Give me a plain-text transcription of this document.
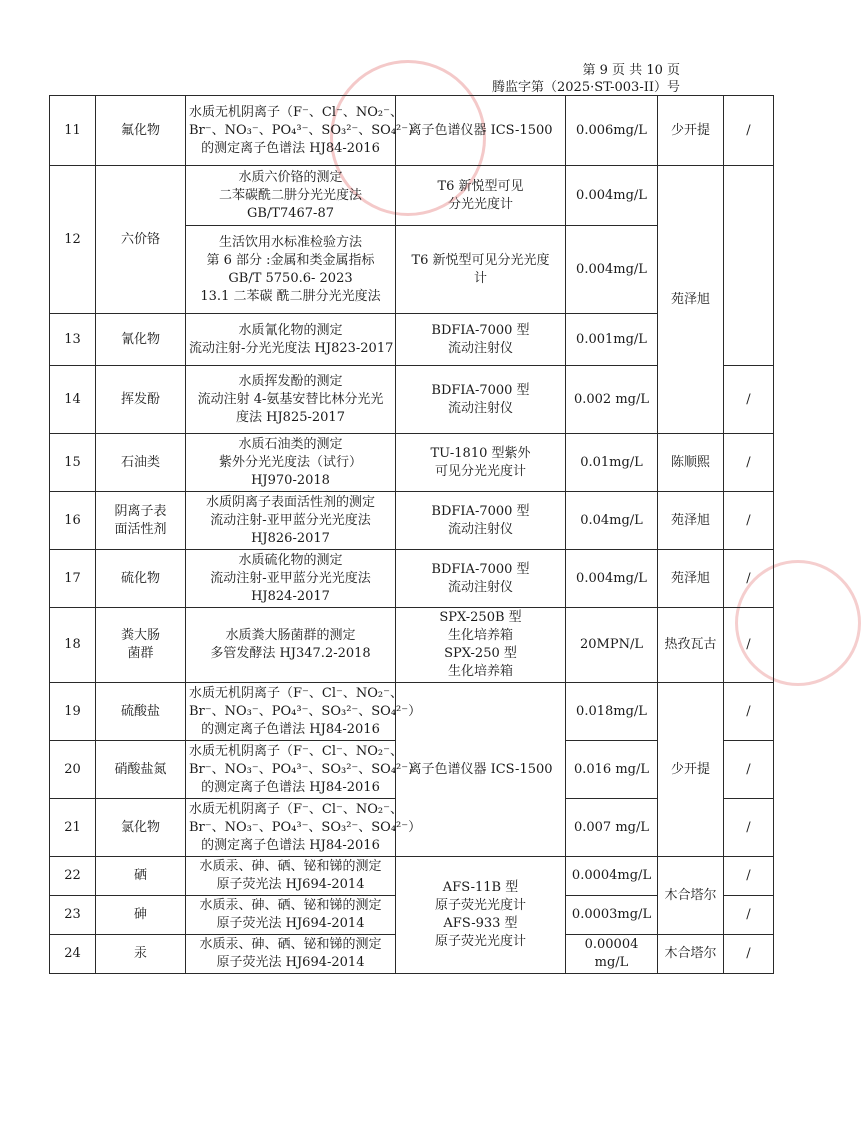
第 9 页 共 10 页
腾监字第（2025·ST-003-II）号
11	氟化物	水质无机阴离子（F⁻、Cl⁻、NO₂⁻、
Br⁻、NO₃⁻、PO₄³⁻、SO₃²⁻、SO₄²⁻）
的测定离子色谱法 HJ84-2016	离子色谱仪器 ICS-1500	0.006mg/L	少开提	/	

12	六价铬	水质六价铬的测定
二苯碳酰二肼分光光度法
GB/T7467-87	T6 新悦型可见
分光光度计	0.004mg/L	苑泽旭		

		生活饮用水标准检验方法
第 6 部分 :金属和类金属指标
GB/T 5750.6- 2023
13.1 二苯碳 酰二肼分光光度法	T6 新悦型可见分光光度
计	0.004mg/L			

13	氰化物	水质氰化物的测定
流动注射-分光光度法 HJ823-2017	BDFIA-7000 型
流动注射仪	0.001mg/L

14	挥发酚	水质挥发酚的测定
流动注射 4-氨基安替比林分光光
度法 HJ825-2017	BDFIA-7000 型
流动注射仪	0.002 mg/L		/	

15	石油类	水质石油类的测定
紫外分光光度法（试行）
HJ970-2018	TU-1810 型紫外
可见分光光度计	0.01mg/L	陈顺熙	/	

16	阴离子表
面活性剂	水质阴离子表面活性剂的测定
流动注射-亚甲蓝分光光度法
HJ826-2017	BDFIA-7000 型
流动注射仪	0.04mg/L	苑泽旭	/	

17	硫化物	水质硫化物的测定
流动注射-亚甲蓝分光光度法
HJ824-2017	BDFIA-7000 型
流动注射仪	0.004mg/L	苑泽旭	/	

18	粪大肠
菌群	水质粪大肠菌群的测定
多管发酵法 HJ347.2-2018	SPX-250B 型
生化培养箱
SPX-250 型
生化培养箱	20MPN/L	热孜瓦古	/	

19	硫酸盐	水质无机阴离子（F⁻、Cl⁻、NO₂⁻、
Br⁻、NO₃⁻、PO₄³⁻、SO₃²⁻、SO₄²⁻）
的测定离子色谱法 HJ84-2016	离子色谱仪器 ICS-1500	0.018mg/L	少开提	/	

20	硝酸盐氮	水质无机阴离子（F⁻、Cl⁻、NO₂⁻、
Br⁻、NO₃⁻、PO₄³⁻、SO₃²⁻、SO₄²⁻）
的测定离子色谱法 HJ84-2016		0.016 mg/L		/	

21	氯化物	水质无机阴离子（F⁻、Cl⁻、NO₂⁻、
Br⁻、NO₃⁻、PO₄³⁻、SO₃²⁻、SO₄²⁻）
的测定离子色谱法 HJ84-2016		0.007 mg/L		/	

22	硒	水质汞、砷、硒、铋和锑的测定
原子荧光法 HJ694-2014	AFS-11B 型
原子荧光光度计
AFS-933 型
原子荧光光度计	0.0004mg/L	木合塔尔	/	

23	砷	水质汞、砷、硒、铋和锑的测定
原子荧光法 HJ694-2014		0.0003mg/L		/	

24	汞	水质汞、砷、硒、铋和锑的测定
原子荧光法 HJ694-2014		0.00004
mg/L	木合塔尔	/	
